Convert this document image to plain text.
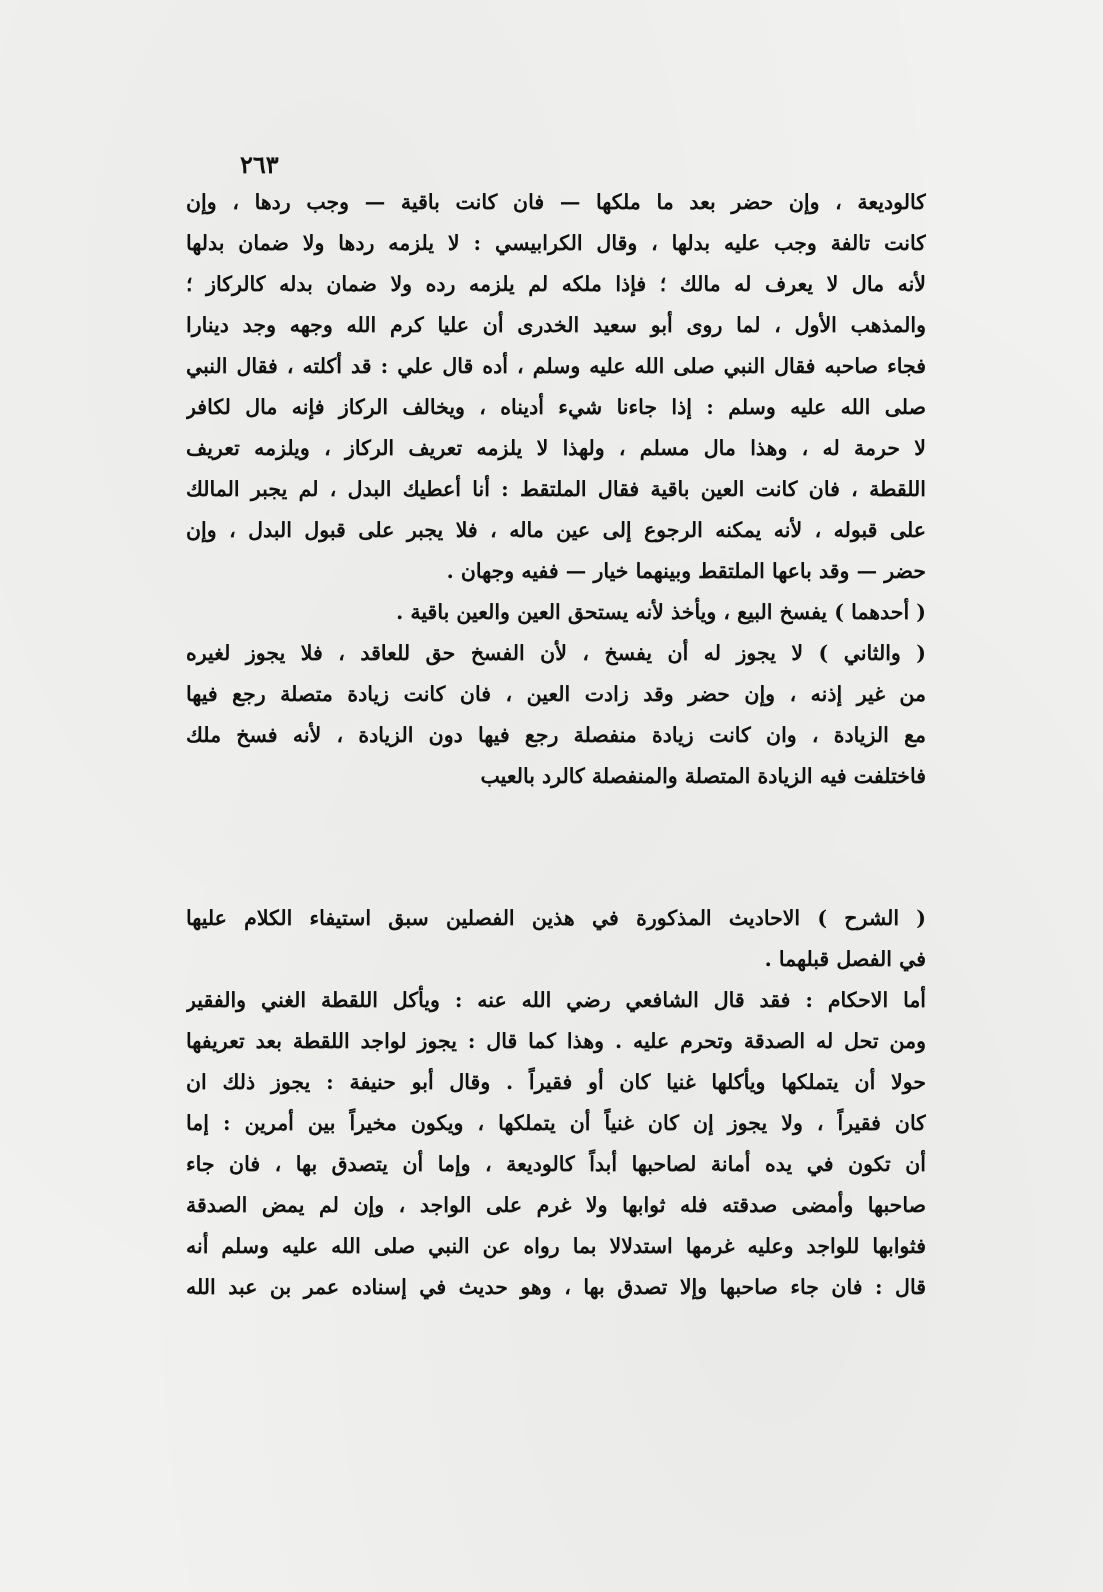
٢٦٣
كالوديعة ، وإن حضر بعد ما ملكها — فان كانت باقية — وجب ردها ، وإن
كانت تالفة وجب عليه بدلها ، وقال الكرابيسي : لا يلزمه ردها ولا ضمان بدلها
لأنه مال لا يعرف له مالك ؛ فإذا ملكه لم يلزمه رده ولا ضمان بدله كالركاز ؛
والمذهب الأول ، لما روى أبو سعيد الخدرى أن عليا كرم الله وجهه وجد دينارا
فجاء صاحبه فقال النبي صلى الله عليه وسلم ، أده قال علي : قد أكلته ، فقال النبي
صلى الله عليه وسلم : إذا جاءنا شيء أديناه ، ويخالف الركاز فإنه مال لكافر
لا حرمة له ، وهذا مال مسلم ، ولهذا لا يلزمه تعريف الركاز ، ويلزمه تعريف
اللقطة ، فان كانت العين باقية فقال الملتقط : أنا أعطيك البدل ، لم يجبر المالك
على قبوله ، لأنه يمكنه الرجوع إلى عين ماله ، فلا يجبر على قبول البدل ، وإن
حضر — وقد باعها الملتقط وبينهما خيار — ففيه وجهان .
( أحدهما ) يفسخ البيع ، ويأخذ لأنه يستحق العين والعين باقية .
( والثاني ) لا يجوز له أن يفسخ ، لأن الفسخ حق للعاقد ، فلا يجوز لغيره
من غير إذنه ، وإن حضر وقد زادت العين ، فان كانت زيادة متصلة رجع فيها
مع الزيادة ، وان كانت زيادة منفصلة رجع فيها دون الزيادة ، لأنه فسخ ملك
فاختلفت فيه الزيادة المتصلة والمنفصلة كالرد بالعيب
( الشرح ) الاحاديث المذكورة في هذين الفصلين سبق استيفاء الكلام عليها
في الفصل قبلهما .
أما الاحكام : فقد قال الشافعي رضي الله عنه : ويأكل اللقطة الغني والفقير
ومن تحل له الصدقة وتحرم عليه . وهذا كما قال : يجوز لواجد اللقطة بعد تعريفها
حولا أن يتملكها ويأكلها غنيا كان أو فقيراً . وقال أبو حنيفة : يجوز ذلك ان
كان فقيراً ، ولا يجوز إن كان غنياً أن يتملكها ، ويكون مخيراً بين أمرين : إما
أن تكون في يده أمانة لصاحبها أبداً كالوديعة ، وإما أن يتصدق بها ، فان جاء
صاحبها وأمضى صدقته فله ثوابها ولا غرم على الواجد ، وإن لم يمض الصدقة
فثوابها للواجد وعليه غرمها استدلالا بما رواه عن النبي صلى الله عليه وسلم أنه
قال : فان جاء صاحبها وإلا تصدق بها ، وهو حديث في إسناده عمر بن عبد الله
